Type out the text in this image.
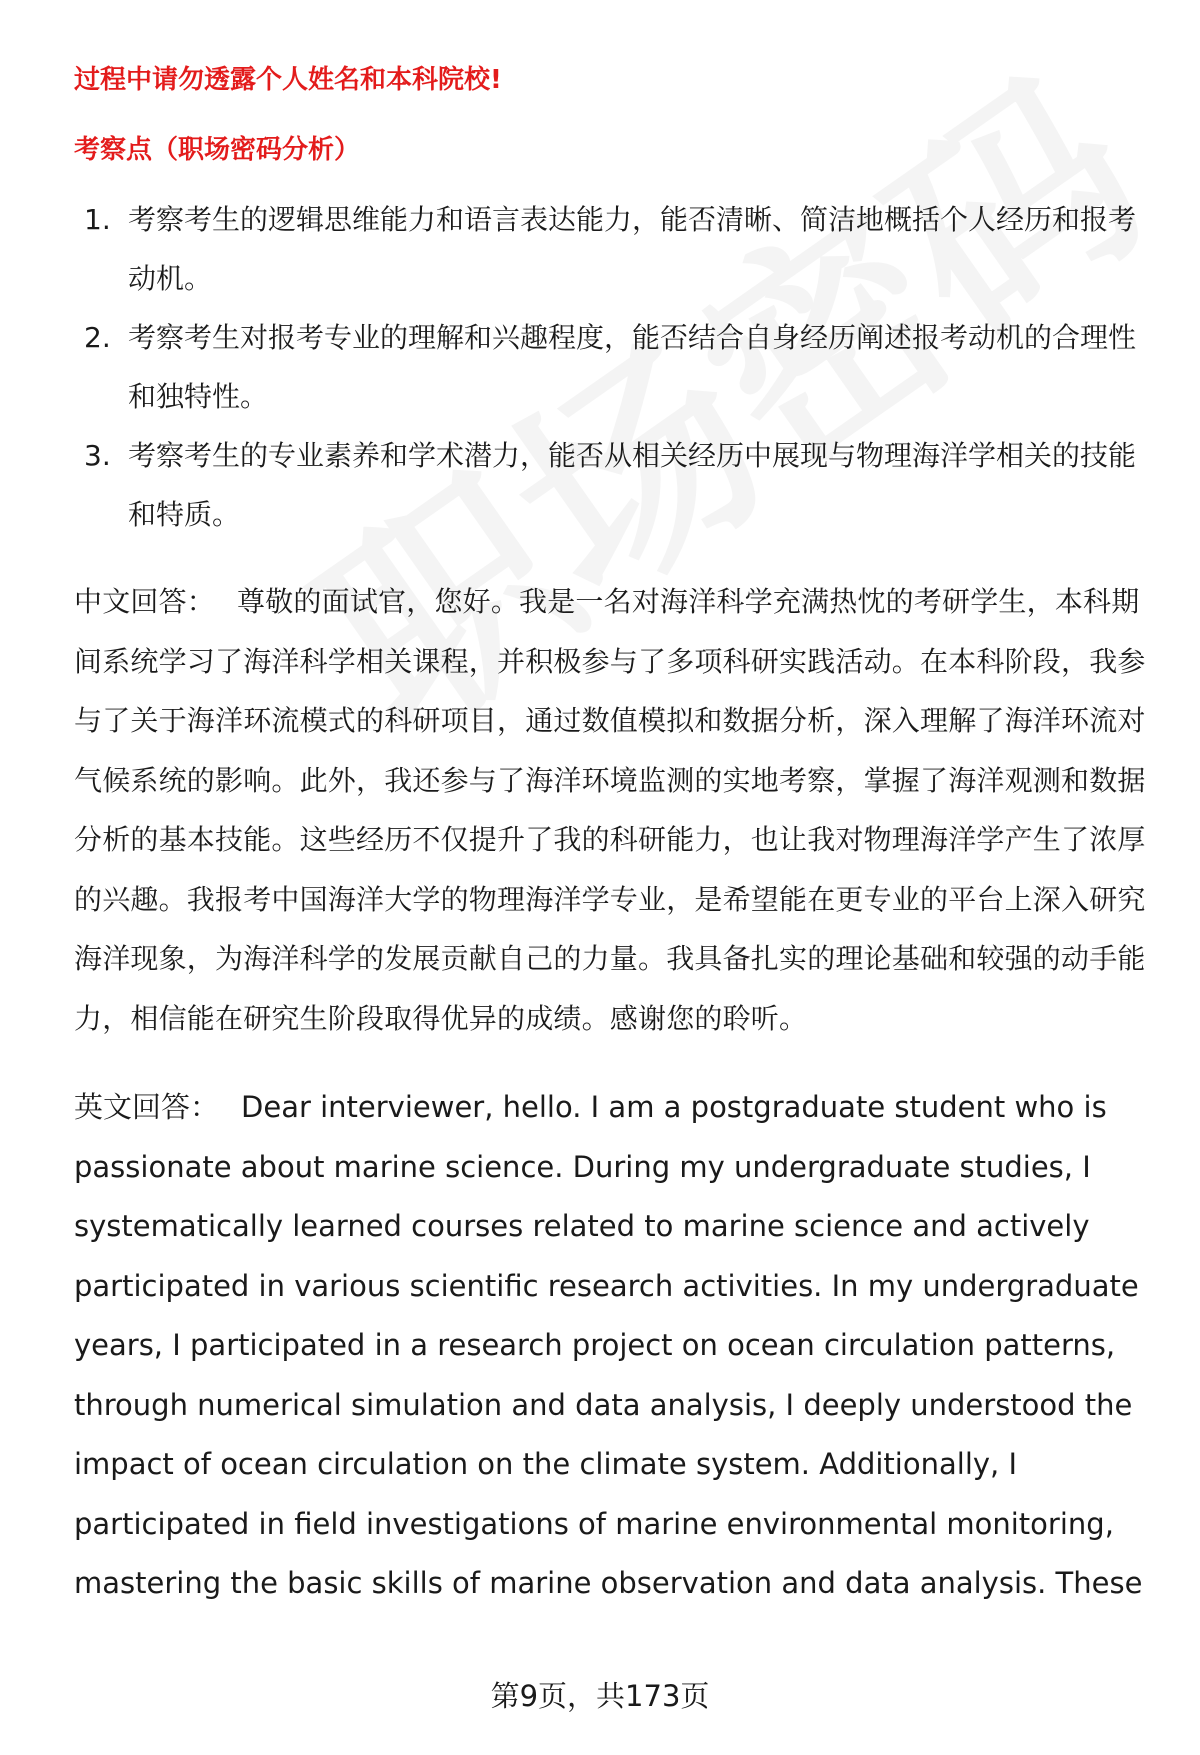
过程中请勿透露个人姓名和本科院校!

考察点（职场密码分析）

1. 考察考生的逻辑思维能力和语言表达能力，能否清晰、简洁地概括个人经历和报考动机。
2. 考察考生对报考专业的理解和兴趣程度，能否结合自身经历阐述报考动机的合理性和独特性。
3. 考察考生的专业素养和学术潜力，能否从相关经历中展现与物理海洋学相关的技能和特质。

中文回答： 尊敬的面试官，您好。我是一名对海洋科学充满热忱的考研学生，本科期间系统学习了海洋科学相关课程，并积极参与了多项科研实践活动。在本科阶段，我参与了关于海洋环流模式的科研项目，通过数值模拟和数据分析，深入理解了海洋环流对气候系统的影响。此外，我还参与了海洋环境监测的实地考察，掌握了海洋观测和数据分析的基本技能。这些经历不仅提升了我的科研能力，也让我对物理海洋学产生了浓厚的兴趣。我报考中国海洋大学的物理海洋学专业，是希望能在更专业的平台上深入研究海洋现象，为海洋科学的发展贡献自己的力量。我具备扎实的理论基础和较强的动手能力，相信能在研究生阶段取得优异的成绩。感谢您的聆听。

英文回答： Dear interviewer, hello. I am a postgraduate student who is passionate about marine science. During my undergraduate studies, I systematically learned courses related to marine science and actively participated in various scientific research activities. In my undergraduate years, I participated in a research project on ocean circulation patterns, through numerical simulation and data analysis, I deeply understood the impact of ocean circulation on the climate system. Additionally, I participated in field investigations of marine environmental monitoring, mastering the basic skills of marine observation and data analysis. These

第9页，共173页
